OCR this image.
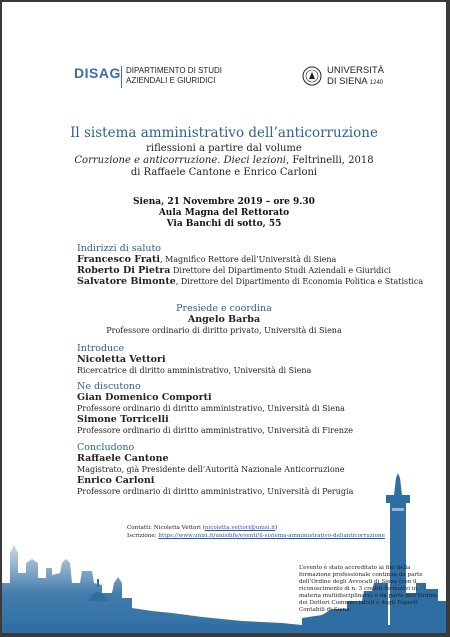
DISAG DIPARTIMENTO DI STUDI
AZIENDALI E GIURIDICI
UNIVERSITÀ
DI SIENA 1240
Il sistema amministrativo dell’anticorruzione
riflessioni a partire dal volume
Corruzione e anticorruzione. Dieci lezioni, Feltrinelli, 2018
di Raffaele Cantone e Enrico Carloni
Siena, 21 Novembre 2019 – ore 9.30
Aula Magna del Rettorato
Via Banchi di sotto, 55
Indirizzi di saluto
Francesco Frati, Magnifico Rettore dell’Università di Siena
Roberto Di Pietra Direttore del Dipartimento Studi Aziendali e Giuridici
Salvatore Bimonte, Direttore del Dipartimento di Economia Politica e Statistica
Presiede e coordina
Angelo Barba
Professore ordinario di diritto privato, Università di Siena
Introduce
Nicoletta Vettori
Ricercatrice di diritto amministrativo, Università di Siena
Ne discutono
Gian Domenico Comporti
Professore ordinario di diritto amministrativo, Università di Siena
Simone Torricelli
Professore ordinario di diritto amministrativo, Università di Firenze
Concludono
Raffaele Cantone
Magistrato, già Presidente dell’Autorità Nazionale Anticorruzione
Enrico Carloni
Professore ordinario di diritto amministrativo, Università di Perugia
Contatti: Nicoletta Vettori (nicoletta.vettori@unisi.it)
Iscrizione: https://www.unisi.it/unisilife/eventi/il-sistema-amministrativo-dellanticorruzione
L’evento è stato accreditato ai fini della formazione professionale continua da parte dell’Ordine degli Avvocati di Siena (con il riconoscimento di n. 3 crediti formativi in materia multidisciplinare) e da parte dell’Ordine dei Dottori Commercialisti e degli Esperti Contabili di Siena.
